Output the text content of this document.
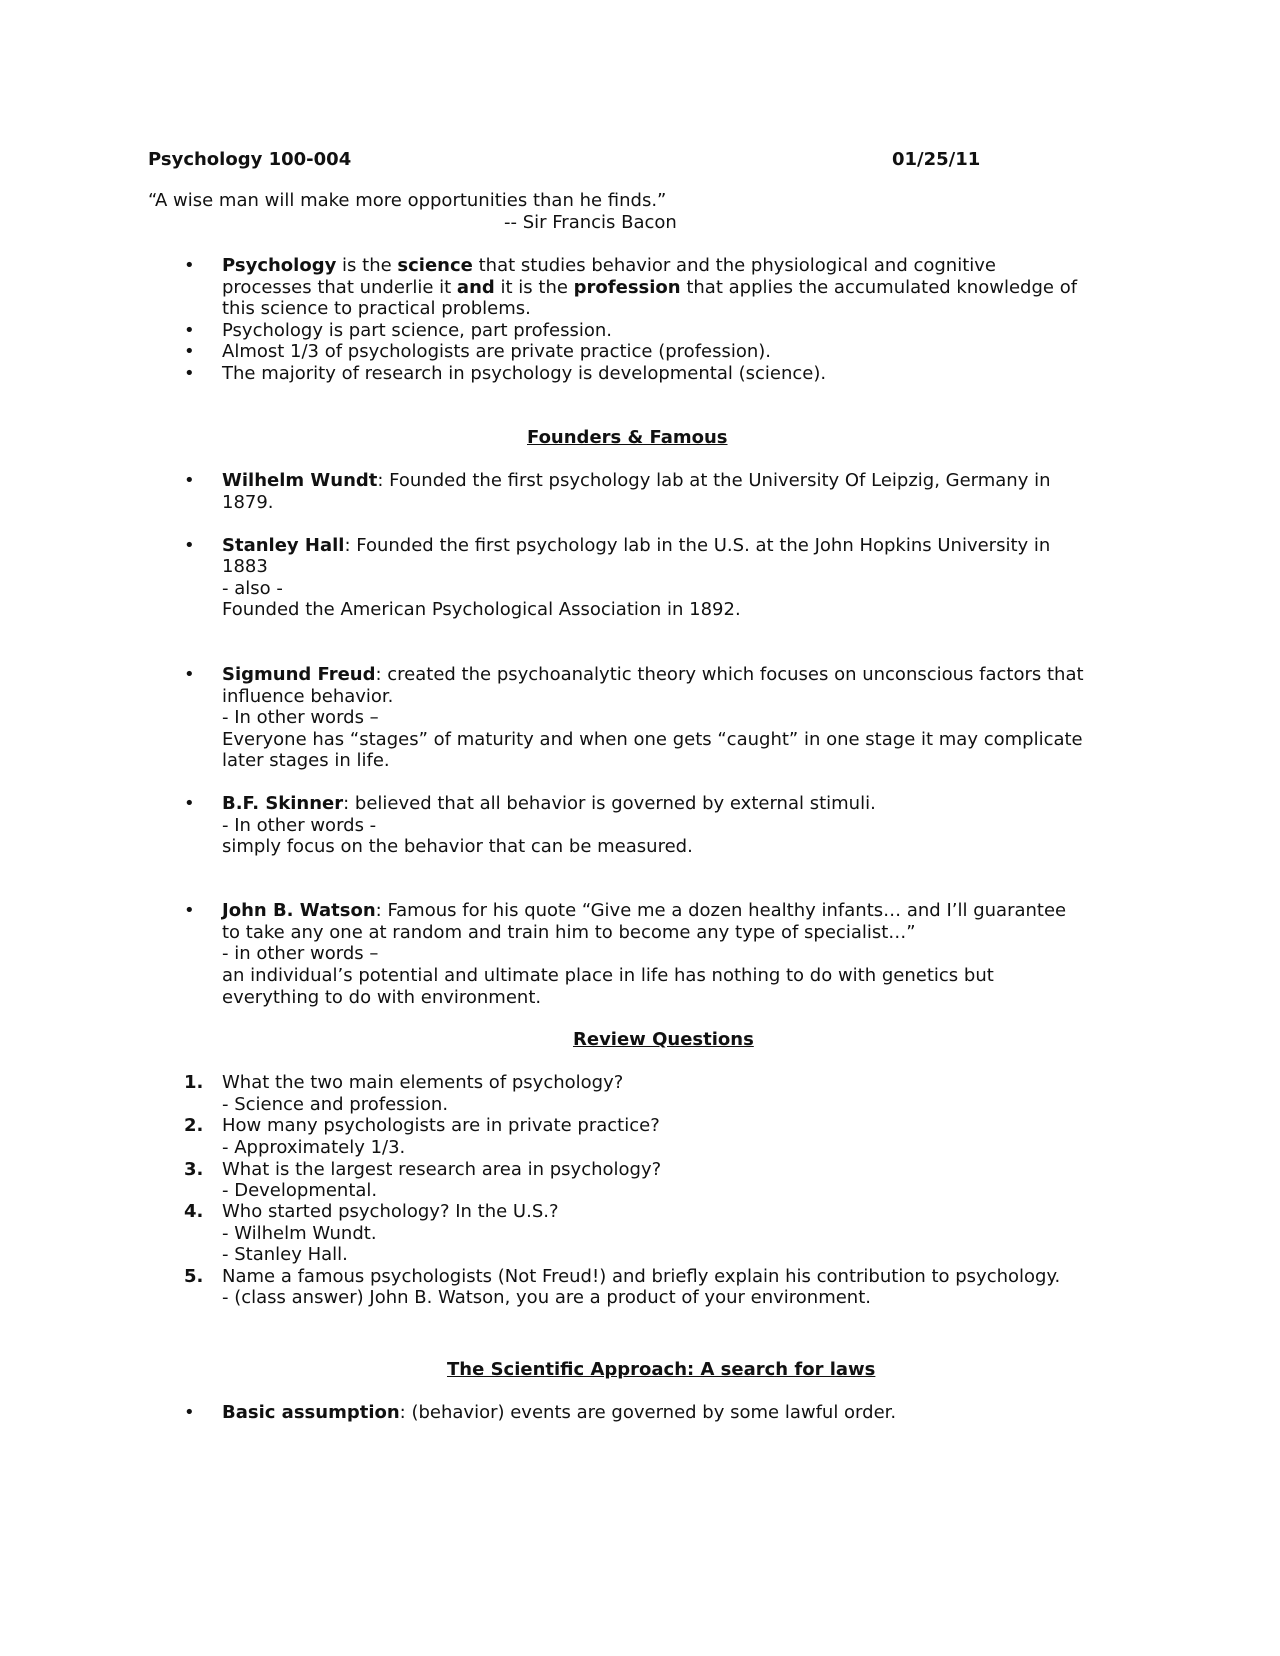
Psychology 100-004	01/25/11
“A wise man will make more opportunities than he finds.”
-- Sir Francis Bacon
• Psychology is the science that studies behavior and the physiological and cognitive
processes that underlie it and it is the profession that applies the accumulated knowledge of
this science to practical problems.
• Psychology is part science, part profession.
• Almost 1/3 of psychologists are private practice (profession).
• The majority of research in psychology is developmental (science).
Founders & Famous
• Wilhelm Wundt: Founded the first psychology lab at the University Of Leipzig, Germany in
1879.
• Stanley Hall: Founded the first psychology lab in the U.S. at the John Hopkins University in
1883
- also -
Founded the American Psychological Association in 1892.
• Sigmund Freud: created the psychoanalytic theory which focuses on unconscious factors that
influence behavior.
- In other words –
Everyone has “stages” of maturity and when one gets “caught” in one stage it may complicate
later stages in life.
• B.F. Skinner: believed that all behavior is governed by external stimuli.
- In other words -
simply focus on the behavior that can be measured.
• John B. Watson: Famous for his quote “Give me a dozen healthy infants… and I’ll guarantee
to take any one at random and train him to become any type of specialist…”
- in other words –
an individual’s potential and ultimate place in life has nothing to do with genetics but
everything to do with environment.
Review Questions
1. What the two main elements of psychology?
- Science and profession.
2. How many psychologists are in private practice?
- Approximately 1/3.
3. What is the largest research area in psychology?
- Developmental.
4. Who started psychology? In the U.S.?
- Wilhelm Wundt.
- Stanley Hall.
5. Name a famous psychologists (Not Freud!) and briefly explain his contribution to psychology.
- (class answer) John B. Watson, you are a product of your environment.
The Scientific Approach: A search for laws
• Basic assumption: (behavior) events are governed by some lawful order.
